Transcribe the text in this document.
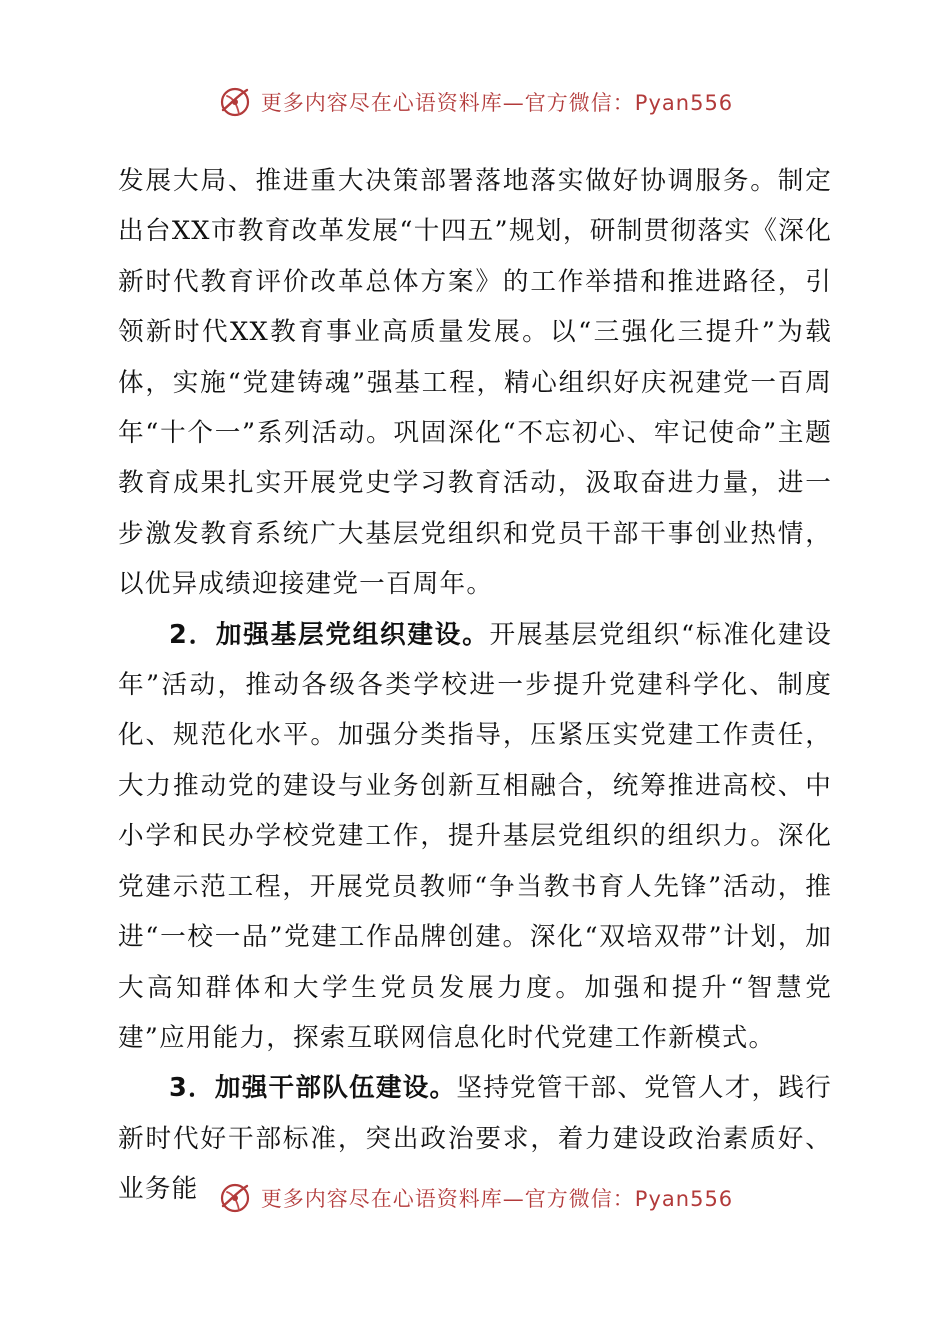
更多内容尽在心语资料库—官方微信：Pyan556

发展大局、推进重大决策部署落地落实做好协调服务。制定出台XX市教育改革发展“十四五”规划，研制贯彻落实《深化新时代教育评价改革总体方案》的工作举措和推进路径，引领新时代XX教育事业高质量发展。以“三强化三提升”为载体，实施“党建铸魂”强基工程，精心组织好庆祝建党一百周年“十个一”系列活动。巩固深化“不忘初心、牢记使命”主题教育成果扎实开展党史学习教育活动，汲取奋进力量，进一步激发教育系统广大基层党组织和党员干部干事创业热情，以优异成绩迎接建党一百周年。

2．加强基层党组织建设。开展基层党组织“标准化建设年”活动，推动各级各类学校进一步提升党建科学化、制度化、规范化水平。加强分类指导，压紧压实党建工作责任，大力推动党的建设与业务创新互相融合，统筹推进高校、中小学和民办学校党建工作，提升基层党组织的组织力。深化党建示范工程，开展党员教师“争当教书育人先锋”活动，推进“一校一品”党建工作品牌创建。深化“双培双带”计划，加大高知群体和大学生党员发展力度。加强和提升“智慧党建”应用能力，探索互联网信息化时代党建工作新模式。

3．加强干部队伍建设。坚持党管干部、党管人才，践行新时代好干部标准，突出政治要求，着力建设政治素质好、业务能	更多内容尽在心语资料库—官方微信：Pyan556
